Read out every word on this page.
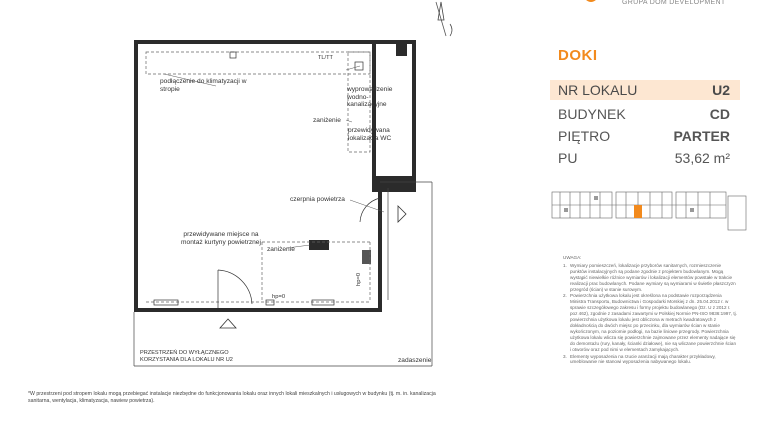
GRUPA DOM DEVELOPMENT
podłączenie do klimatyzacji w stropie
TL/TT
wyprowadzenie wodno- kanalizacyjne
zaniżenie
przewidywana lokalizacja WC
czerpnia powietrza
przewidywane miejsce na montaż kurtyny powietrznej
zaniżenie
hp=0
hp=0
PRZESTRZEŃ DO WYŁĄCZNEGO KORZYSTANIA DLA LOKALU NR U2	zadaszenie
*W przestrzeni pod stropem lokalu mogą przebiegać instalacje niezbędne do funkcjonowania lokalu oraz innych lokali mieszkalnych i usługowych w budynku (tj. m. in. kanalizacja sanitarna, wentylacja, klimatyzacja, nawiew powietrza).
DOKI
NR LOKALU	U2
BUDYNEK	CD
PIĘTRO	PARTER
PU	53,62 m²
UWAGA:
1. Wymiary pomieszczeń, lokalizacje przyborów sanitarnych, rozmieszczenie punktów instalacyjnych są podane zgodnie z projektem budowlanym. Mogą wystąpić niewielkie różnice wymiarów i lokalizacji elementów powstałe w trakcie realizacji prac budowlanych. Podane wymiary są wymiarami w świetle płaszczyzn przegród (ścian) w stanie surowym.
2. Powierzchnia użytkowa lokalu jest określona na podstawie rozporządzenia Ministra Transportu, Budownictwa i Gospodarki Morskiej z dn. 25.04.2012 r. w sprawie szczegółowego zakresu i formy projektu budowlanego (Dz. U z 2012 r. poz 462), zgodnie z zasadami zawartymi w Polskiej Normie PN-ISO 9836:1997, tj. powierzchnia użytkowa lokalu jest obliczona w metrach kwadratowych z dokładnością do dwóch miejsc po przecinku, dla wymiarów ścian w stanie wykończonym, na poziomie podłogi, na bazie liniowe przegrody. Powierzchnia użytkowa lokalu wlicza się powierzchnie zajmowane przez elementy nadające się do demontażu (rury, kanały, ścianki działowe), nie są wliczane powierzchnie ścian i otworów oraz pod nimi w elementach zamykających.
3. Elementy wyposażenia na rzucie aranżacji mają charakter przykładowy, umeblowanie nie stanowi wyposażenia nabywanego lokalu.
